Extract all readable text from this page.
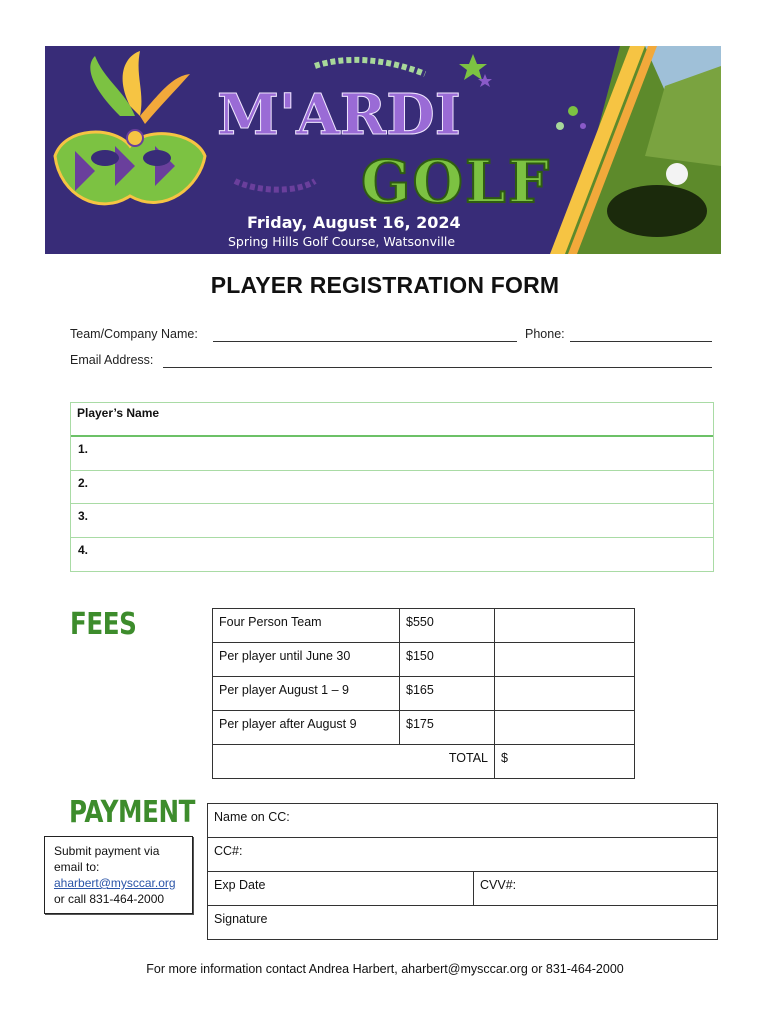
M'ARDI
GOLF
Friday, August 16, 2024
Spring Hills Golf Course, Watsonville
PLAYER REGISTRATION FORM
Team/Company Name:	Phone:
Email Address:
Player’s Name
1.
2.
3.
4.
FEES	Four Person Team	$550	
Per player until June 30	$150	
Per player August 1 – 9	$165	
Per player after August 9	$175	
TOTAL		$
PAYMENT
Submit payment via
email to:
aharbert@mysccar.org
or call 831-464-2000
Name on CC:
CC#:
Exp Date	CVV#:
Signature
For more information contact Andrea Harbert, aharbert@mysccar.org or 831-464-2000
